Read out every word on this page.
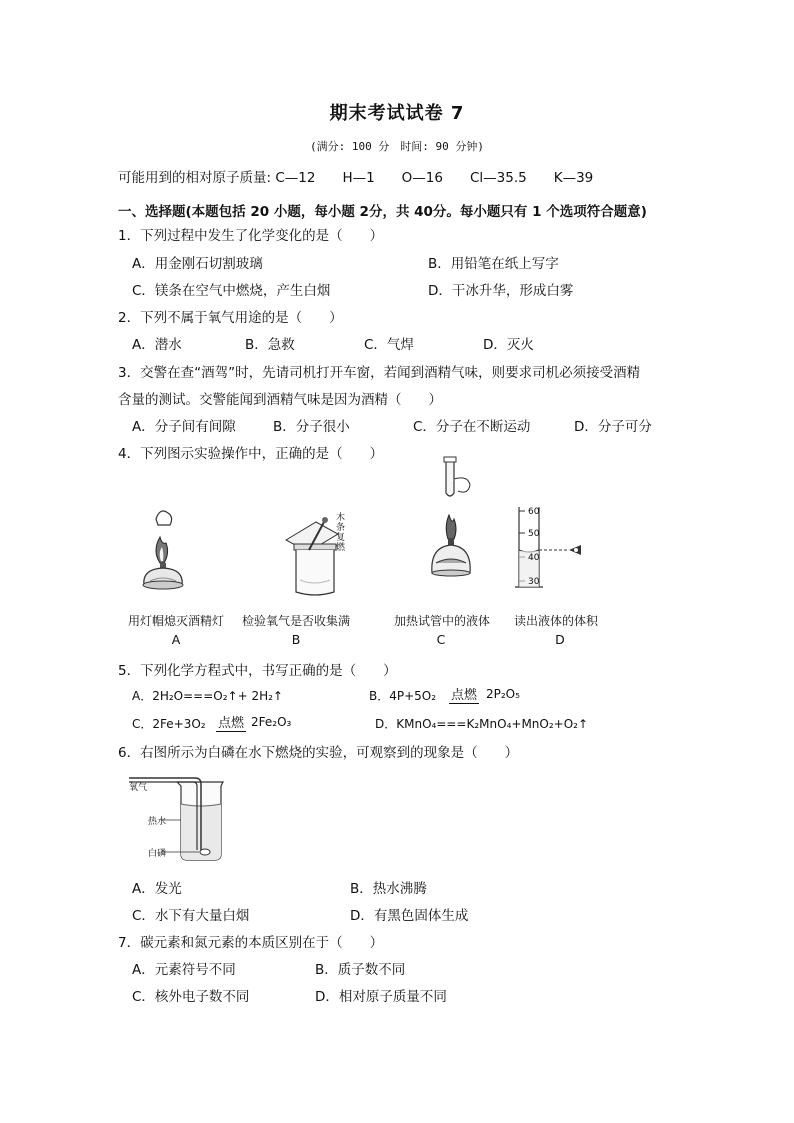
期末考试试卷 7
(满分: 100 分　时间: 90 分钟)
可能用到的相对原子质量: C—12　　H—1　　O—16　　Cl—35.5　　K—39
一、选择题(本题包括 20 小题，每小题 2分，共 40分。每小题只有 1 个选项符合题意)
1．下列过程中发生了化学变化的是（　　）
A．用金刚石切割玻璃	B．用铅笔在纸上写字
C．镁条在空气中燃烧，产生白烟	D．干冰升华，形成白雾
2．下列不属于氧气用途的是（　　）
A．潜水	B．急救	C．气焊	D．灭火
3．交警在查“酒驾”时，先请司机打开车窗，若闻到酒精气味，则要求司机必须接受酒精
含量的测试。交警能闻到酒精气味是因为酒精（　　）
A．分子间有间隙	B．分子很小	C．分子在不断运动	D．分子可分
4．下列图示实验操作中，正确的是（　　）
木条复燃
60
50
40
30
用灯帽熄灭酒精灯	检验氧气是否收集满	加热试管中的液体	读出液体的体积
A	B	C	D
5．下列化学方程式中，书写正确的是（　　）
A．2H₂O===O₂↑+ 2H₂↑	B．4P+5O₂ 点燃 2P₂O₅
C．2Fe+3O₂ 点燃 2Fe₂O₃	D．KMnO₄===K₂MnO₄+MnO₂+O₂↑
6．右图所示为白磷在水下燃烧的实验，可观察到的现象是（　　）
氧气
热水
白磷
A．发光	B．热水沸腾
C．水下有大量白烟	D．有黑色固体生成
7．碳元素和氮元素的本质区别在于（　　）
A．元素符号不同	B．质子数不同
C．核外电子数不同	D．相对原子质量不同
